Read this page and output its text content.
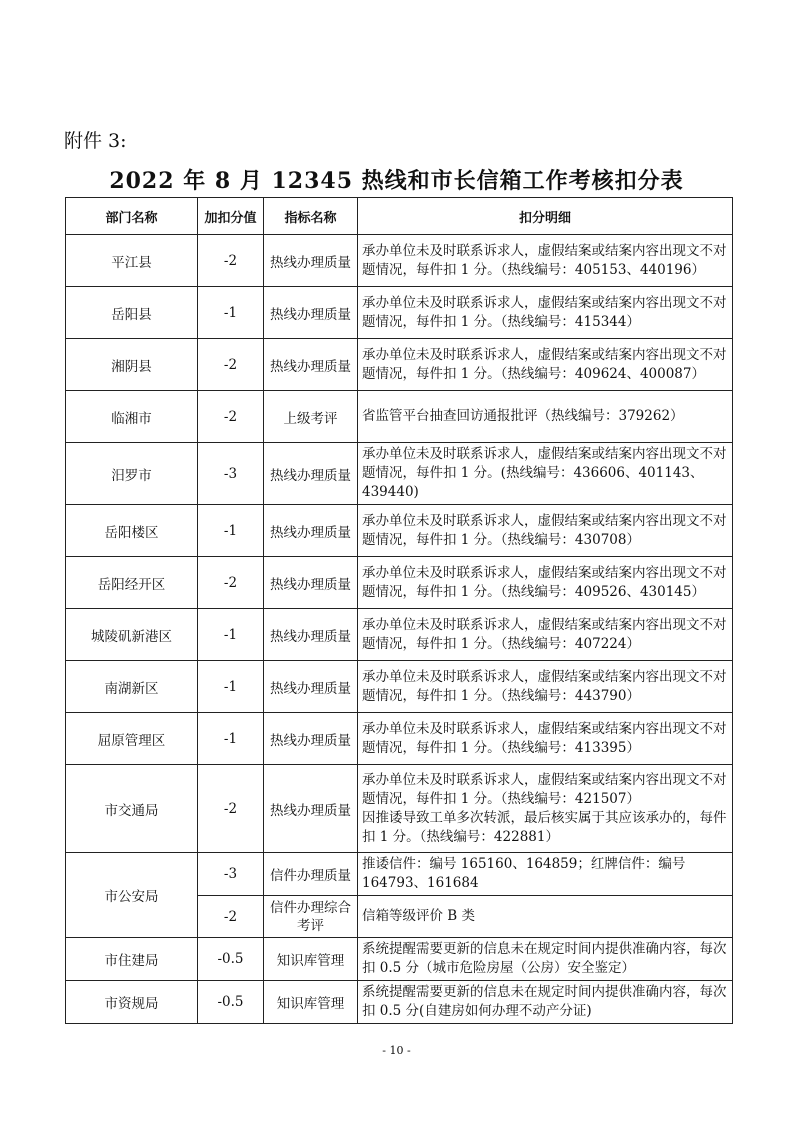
附件 3:
2022 年 8 月 12345 热线和市长信箱工作考核扣分表
部门名称	加扣分值	指标名称	扣分明细
平江县	-2	热线办理质量	承办单位未及时联系诉求人，虚假结案或结案内容出现文不对题情况，每件扣 1 分。（热线编号：405153、440196）
岳阳县	-1	热线办理质量	承办单位未及时联系诉求人，虚假结案或结案内容出现文不对题情况，每件扣 1 分。（热线编号：415344）
湘阴县	-2	热线办理质量	承办单位未及时联系诉求人，虚假结案或结案内容出现文不对题情况，每件扣 1 分。（热线编号：409624、400087）
临湘市	-2	上级考评	省监管平台抽查回访通报批评（热线编号：379262）
汨罗市	-3	热线办理质量	承办单位未及时联系诉求人，虚假结案或结案内容出现文不对题情况，每件扣 1 分。(热线编号：436606、401143、439440)
岳阳楼区	-1	热线办理质量	承办单位未及时联系诉求人，虚假结案或结案内容出现文不对题情况，每件扣 1 分。（热线编号：430708）
岳阳经开区	-2	热线办理质量	承办单位未及时联系诉求人，虚假结案或结案内容出现文不对题情况，每件扣 1 分。（热线编号：409526、430145）
城陵矶新港区	-1	热线办理质量	承办单位未及时联系诉求人，虚假结案或结案内容出现文不对题情况，每件扣 1 分。（热线编号：407224）
南湖新区	-1	热线办理质量	承办单位未及时联系诉求人，虚假结案或结案内容出现文不对题情况，每件扣 1 分。（热线编号：443790）
屈原管理区	-1	热线办理质量	承办单位未及时联系诉求人，虚假结案或结案内容出现文不对题情况，每件扣 1 分。（热线编号：413395）
市交通局	-2	热线办理质量	承办单位未及时联系诉求人，虚假结案或结案内容出现文不对题情况，每件扣 1 分。（热线编号：421507）
因推诿导致工单多次转派，最后核实属于其应该承办的，每件扣 1 分。（热线编号：422881）

市公安局	-3	信件办理质量	推诿信件：编号 165160、164859；红牌信件：编号 164793、161684
	-2	信件办理综合考评	信箱等级评价 B 类
市住建局	-0.5	知识库管理	系统提醒需要更新的信息未在规定时间内提供准确内容，每次扣 0.5 分（城市危险房屋（公房）安全鉴定）
市资规局	-0.5	知识库管理	系统提醒需要更新的信息未在规定时间内提供准确内容，每次扣 0.5 分(自建房如何办理不动产分证)
- 10 -
